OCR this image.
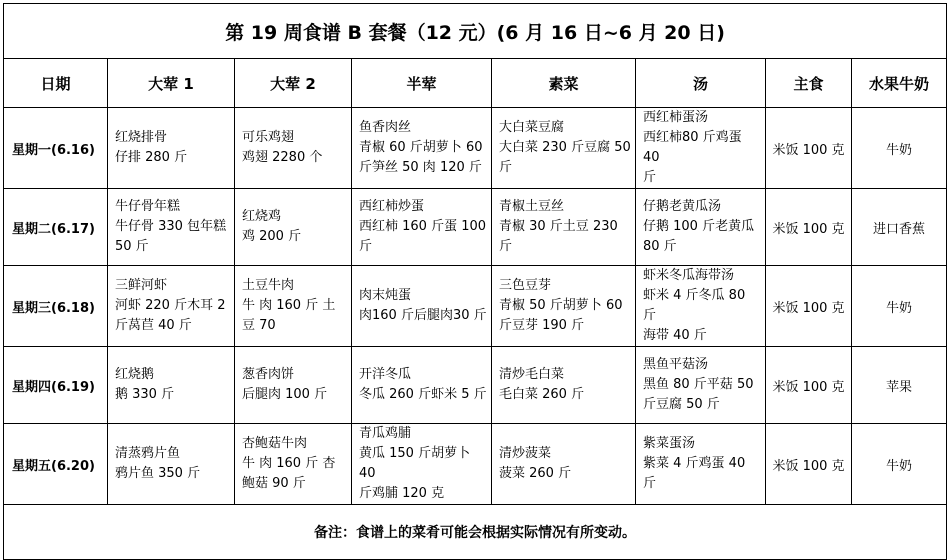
第 19 周食谱 B 套餐（12 元）(6 月 16 日~6 月 20 日)							
日期	大荤 1	大荤 2	半荤	素菜	汤	主食	水果牛奶
星期一(6.16)	红烧排骨
仔排 280 斤	可乐鸡翅
鸡翅 2280 个	鱼香肉丝
青椒 60 斤胡萝卜 60
斤笋丝 50 肉 120 斤	大白菜豆腐
大白菜 230 斤豆腐 50
斤	西红柿蛋汤
西红柿80 斤鸡蛋 40
斤	米饭 100 克	牛奶
星期二(6.17)	牛仔骨年糕
牛仔骨 330 包年糕
50 斤	红烧鸡
鸡 200 斤	西红柿炒蛋
西红柿 160 斤蛋 100
斤	青椒土豆丝
青椒 30 斤土豆 230 斤	仔鹅老黄瓜汤
仔鹅 100 斤老黄瓜
80 斤	米饭 100 克	进口香蕉
星期三(6.18)	三鲜河虾
河虾 220 斤木耳 2
斤莴苣 40 斤	土豆牛肉
牛 肉 160 斤 土
豆 70	肉末炖蛋
肉160 斤后腿肉30 斤	三色豆芽
青椒 50 斤胡萝卜 60
斤豆芽 190 斤	虾米冬瓜海带汤
虾米 4 斤冬瓜 80 斤
海带 40 斤	米饭 100 克	牛奶
星期四(6.19)	红烧鹅
鹅 330 斤	葱香肉饼
后腿肉 100 斤	开洋冬瓜
冬瓜 260 斤虾米 5 斤	清炒毛白菜
毛白菜 260 斤	黑鱼平菇汤
黑鱼 80 斤平菇 50
斤豆腐 50 斤	米饭 100 克	苹果
星期五(6.20)	清蒸鸦片鱼
鸦片鱼 350 斤	杏鲍菇牛肉
牛 肉 160 斤 杏
鲍菇 90 斤	青瓜鸡脯
黄瓜 150 斤胡萝卜 40
斤鸡脯 120 克	清炒菠菜
菠菜 260 斤	紫菜蛋汤
紫菜 4 斤鸡蛋 40 斤	米饭 100 克	牛奶
备注：食谱上的菜肴可能会根据实际情况有所变动。							
